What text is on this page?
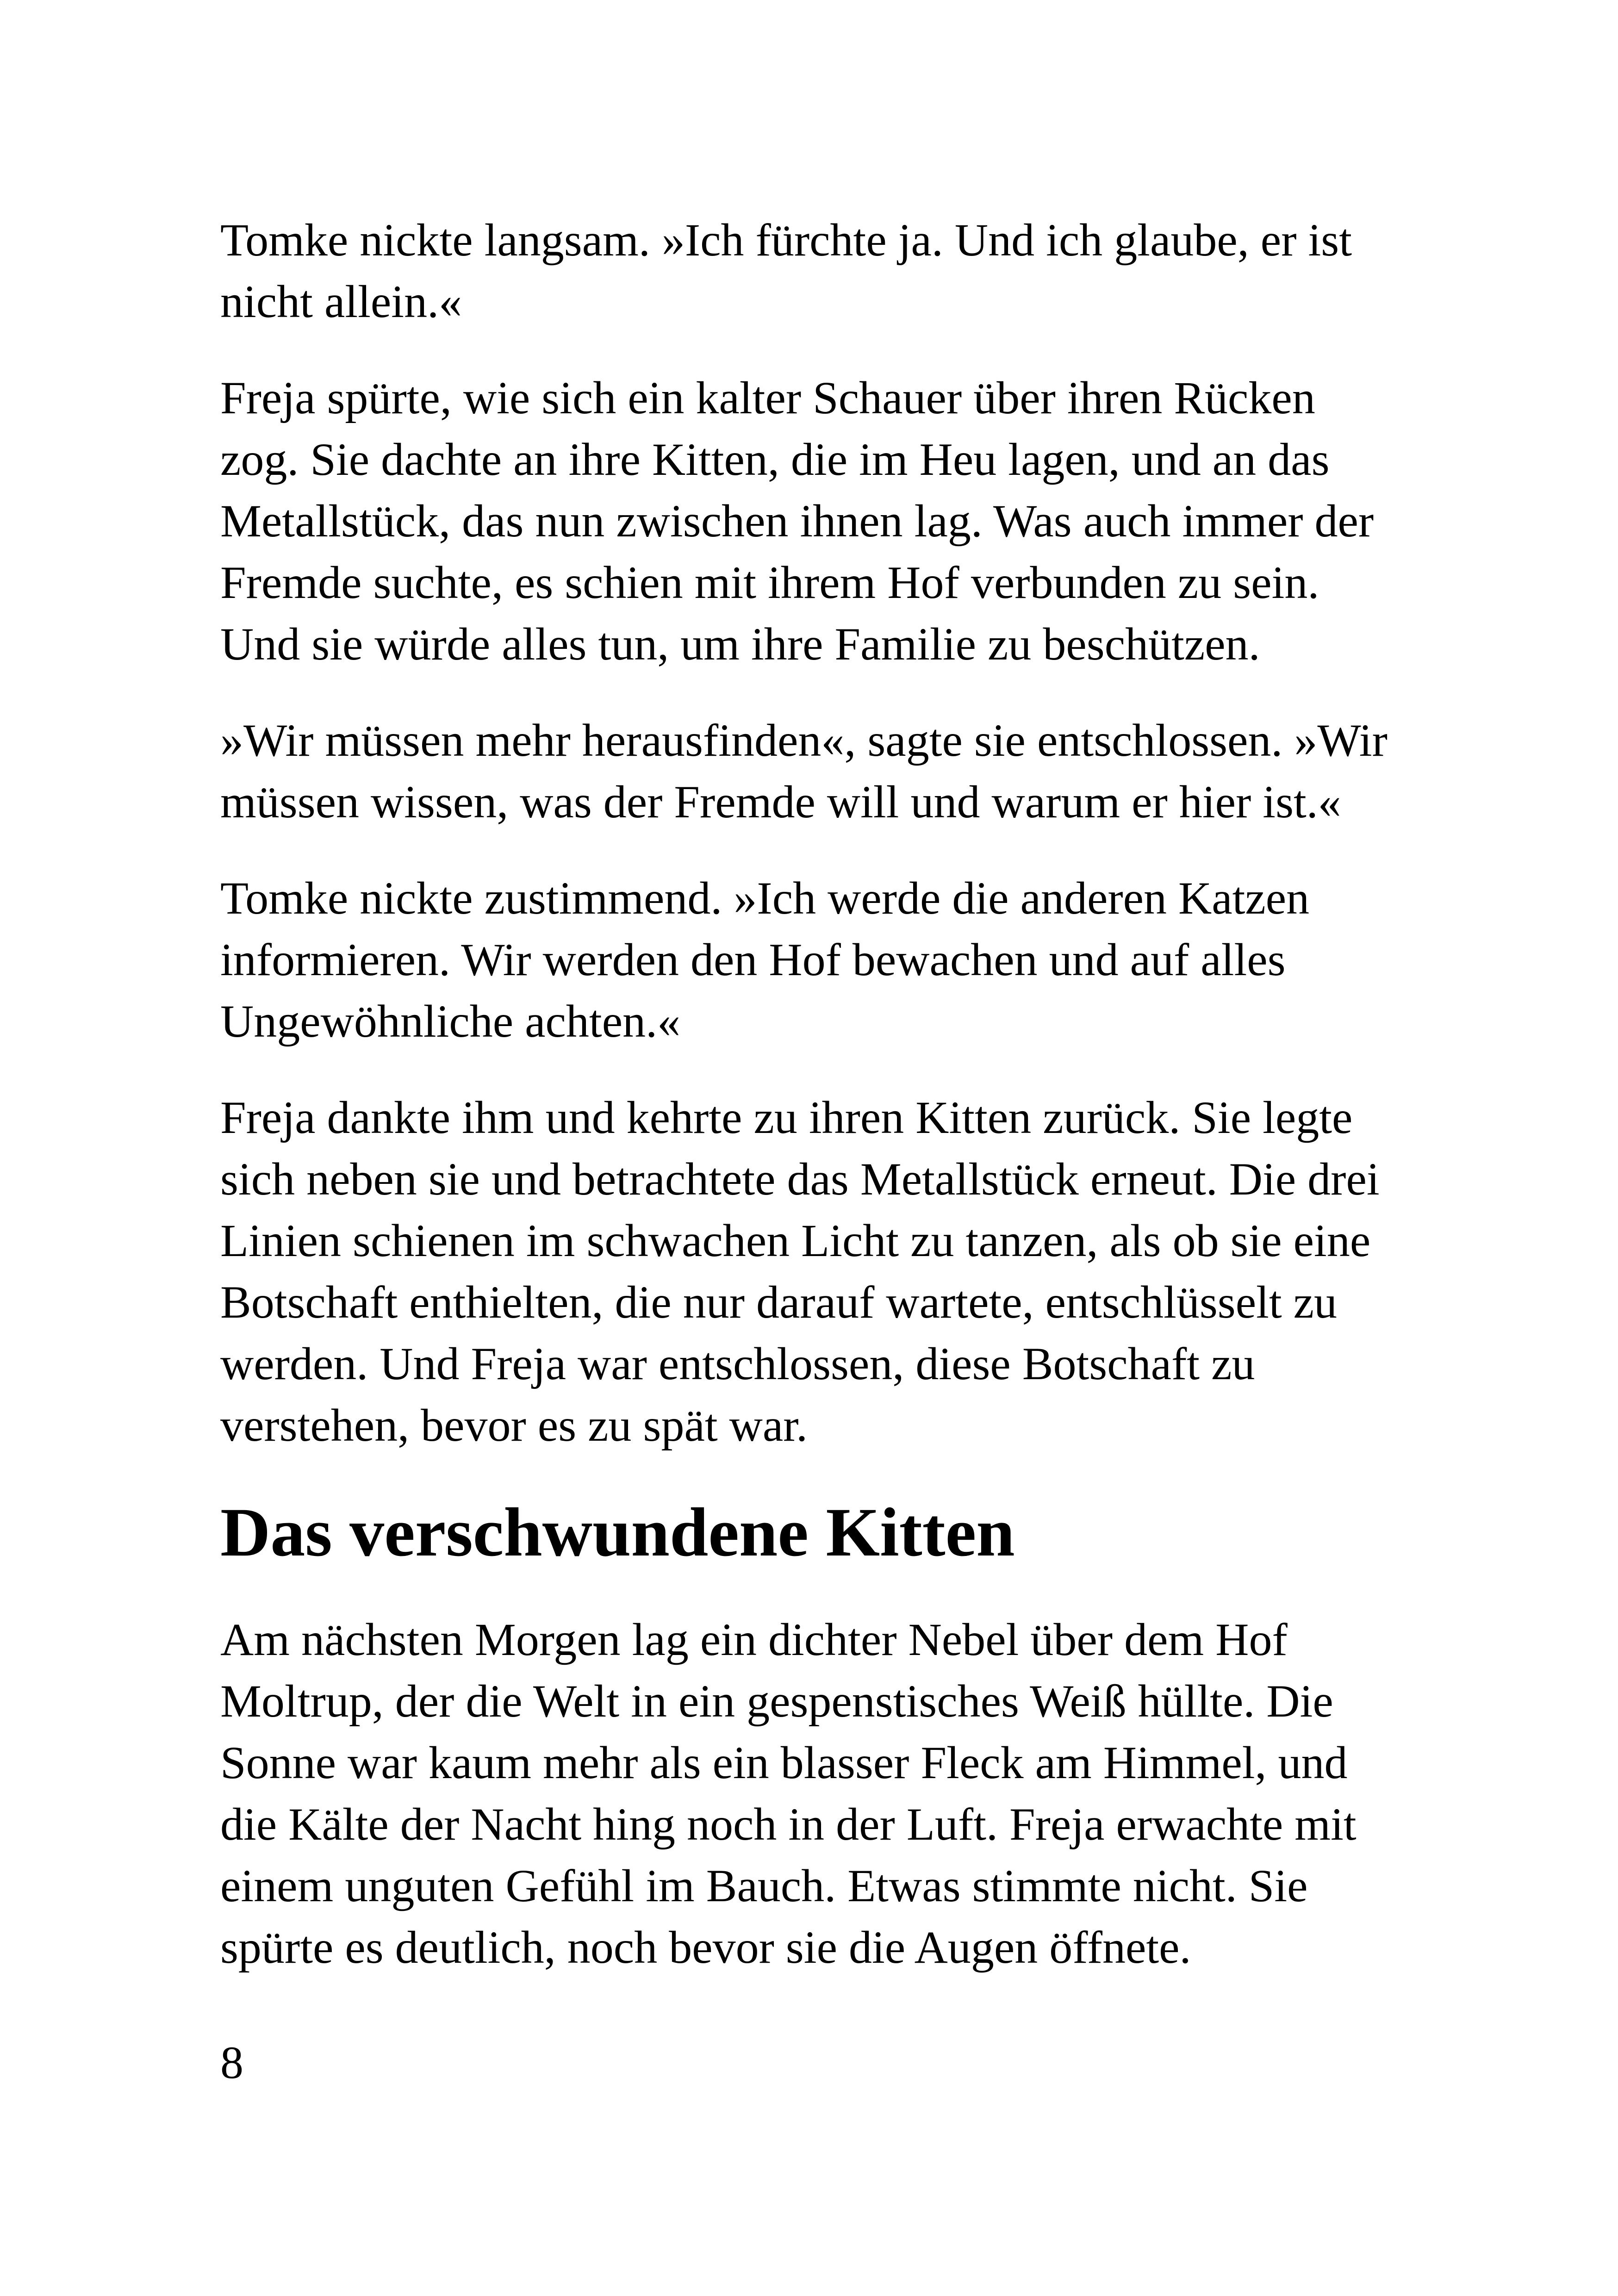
Tomke nickte langsam. »Ich fürchte ja. Und ich glaube, er ist nicht allein.«

Freja spürte, wie sich ein kalter Schauer über ihren Rücken zog. Sie dachte an ihre Kitten, die im Heu lagen, und an das Metallstück, das nun zwischen ihnen lag. Was auch immer der Fremde suchte, es schien mit ihrem Hof verbunden zu sein. Und sie würde alles tun, um ihre Familie zu beschützen.

»Wir müssen mehr herausfinden«, sagte sie entschlossen. »Wir müssen wissen, was der Fremde will und warum er hier ist.«

Tomke nickte zustimmend. »Ich werde die anderen Katzen informieren. Wir werden den Hof bewachen und auf alles Ungewöhnliche achten.«

Freja dankte ihm und kehrte zu ihren Kitten zurück. Sie legte sich neben sie und betrachtete das Metallstück erneut. Die drei Linien schienen im schwachen Licht zu tanzen, als ob sie eine Botschaft enthielten, die nur darauf wartete, entschlüsselt zu werden. Und Freja war entschlossen, diese Botschaft zu verstehen, bevor es zu spät war.

Das verschwundene Kitten

Am nächsten Morgen lag ein dichter Nebel über dem Hof Moltrup, der die Welt in ein gespenstisches Weiß hüllte. Die Sonne war kaum mehr als ein blasser Fleck am Himmel, und die Kälte der Nacht hing noch in der Luft. Freja erwachte mit einem unguten Gefühl im Bauch. Etwas stimmte nicht. Sie spürte es deutlich, noch bevor sie die Augen öffnete.

8
